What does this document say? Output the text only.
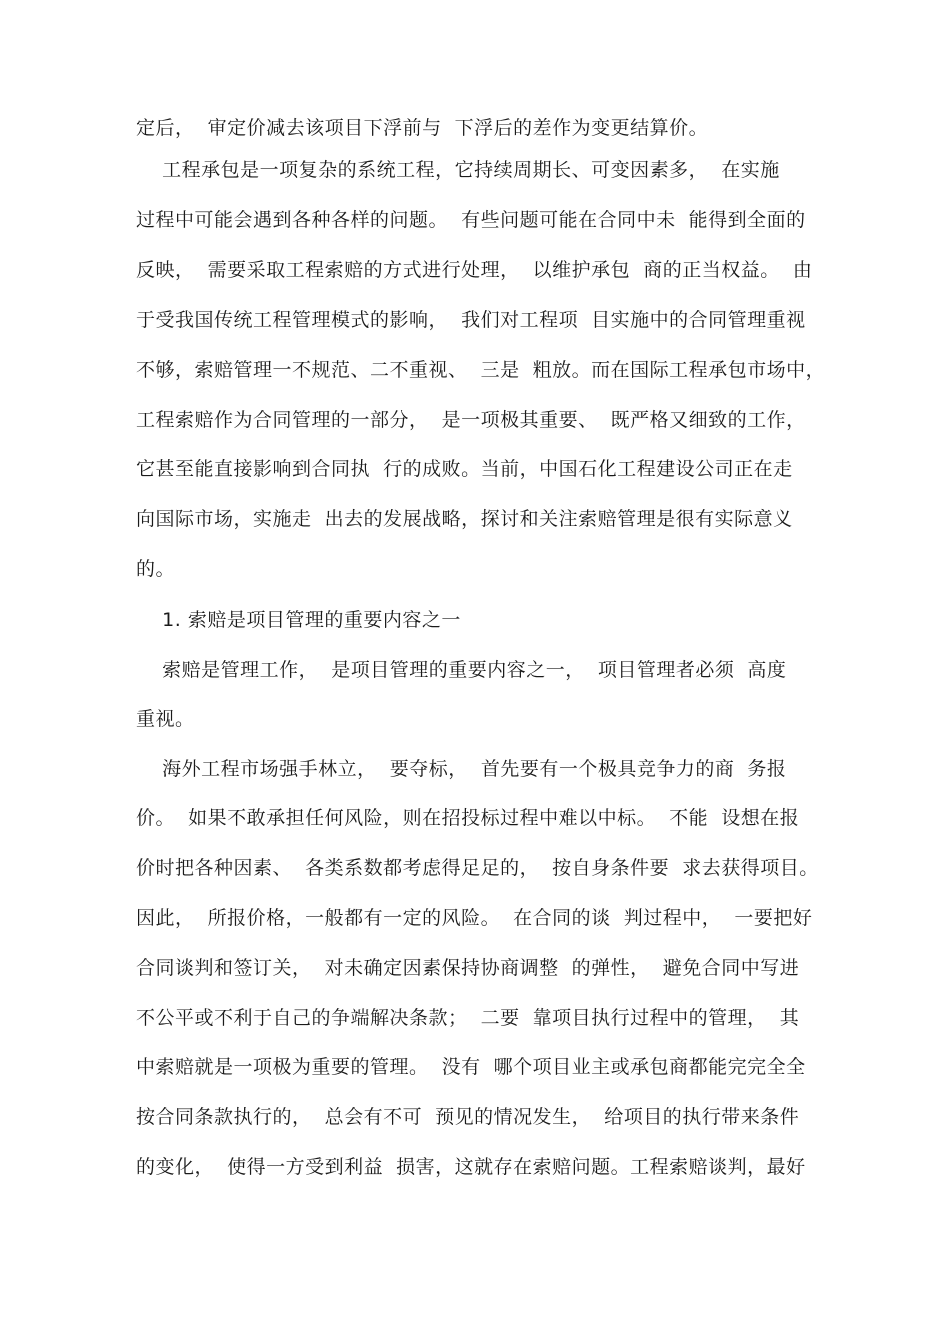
定后，  审定价减去该项目下浮前与  下浮后的差作为变更结算价。
工程承包是一项复杂的系统工程，它持续周期长、可变因素多，  在实施
过程中可能会遇到各种各样的问题。  有些问题可能在合同中未  能得到全面的
反映，  需要采取工程索赔的方式进行处理，  以维护承包  商的正当权益。  由
于受我国传统工程管理模式的影响，  我们对工程项  目实施中的合同管理重视
不够，索赔管理一不规范、二不重视、  三是  粗放。而在国际工程承包市场中，
工程索赔作为合同管理的一部分，  是一项极其重要、  既严格又细致的工作，
它甚至能直接影响到合同执  行的成败。当前，中国石化工程建设公司正在走
向国际市场，实施走  出去的发展战略，探讨和关注索赔管理是很有实际意义
的。
1. 索赔是项目管理的重要内容之一
索赔是管理工作，  是项目管理的重要内容之一，  项目管理者必须  高度
重视。
海外工程市场强手林立，  要夺标，  首先要有一个极具竞争力的商  务报
价。  如果不敢承担任何风险，则在招投标过程中难以中标。  不能  设想在报
价时把各种因素、  各类系数都考虑得足足的，  按自身条件要  求去获得项目。
因此，  所报价格，一般都有一定的风险。  在合同的谈  判过程中，  一要把好
合同谈判和签订关，  对未确定因素保持协商调整  的弹性，  避免合同中写进
不公平或不利于自己的争端解决条款；  二要  靠项目执行过程中的管理，  其
中索赔就是一项极为重要的管理。  没有  哪个项目业主或承包商都能完完全全
按合同条款执行的，  总会有不可  预见的情况发生，  给项目的执行带来条件
的变化，  使得一方受到利益  损害，这就存在索赔问题。工程索赔谈判，最好
